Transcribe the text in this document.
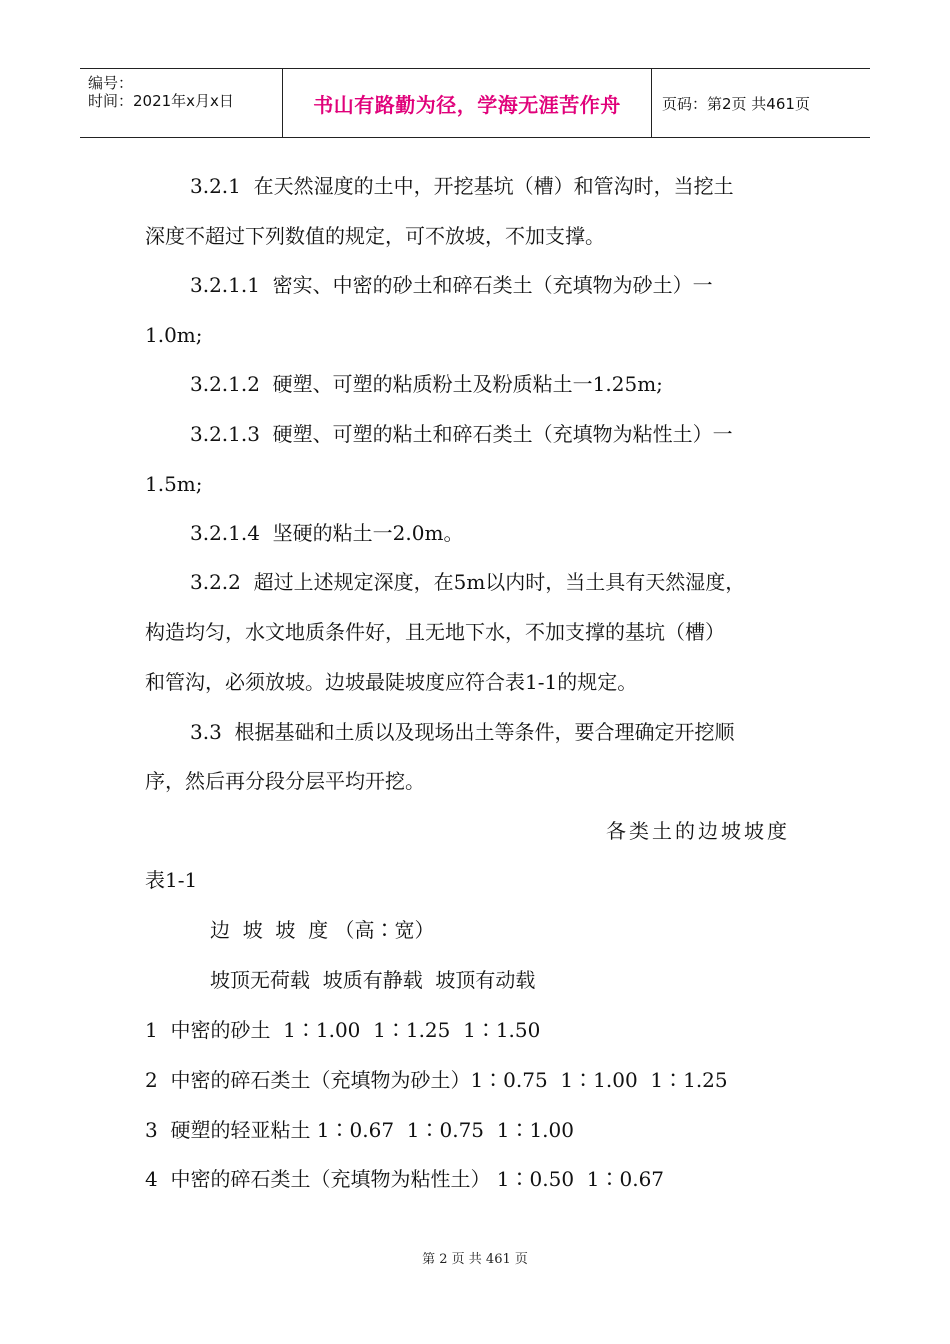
编号：
时间：2021年x月x日	书山有路勤为径，学海无涯苦作舟	页码：第2页 共461页
3.2.1  在天然湿度的土中，开挖基坑（槽）和管沟时，当挖土
深度不超过下列数值的规定，可不放坡，不加支撑。
3.2.1.1  密实、中密的砂土和碎石类土（充填物为砂土）一
1.0m;
3.2.1.2  硬塑、可塑的粘质粉土及粉质粘土一1.25m;
3.2.1.3  硬塑、可塑的粘土和碎石类土（充填物为粘性土）一
1.5m;
3.2.1.4  坚硬的粘土一2.0m。
3.2.2  超过上述规定深度，在5m以内时，当土具有天然湿度，
构造均匀，水文地质条件好，且无地下水，不加支撑的基坑（槽）
和管沟，必须放坡。边坡最陡坡度应符合表1-1的规定。
3.3  根据基础和土质以及现场出土等条件，要合理确定开挖顺
序，然后再分段分层平均开挖。
各类土的边坡坡度
表1-1
边  坡  坡  度 （高∶宽）
坡顶无荷载  坡质有静载  坡顶有动载
1  中密的砂土  1∶1.00  1∶1.25  1∶1.50
2  中密的碎石类土（充填物为砂土）1∶0.75  1∶1.00  1∶1.25
3  硬塑的轻亚粘土 1∶0.67  1∶0.75  1∶1.00
4  中密的碎石类土（充填物为粘性土） 1∶0.50  1∶0.67
第 2 页 共 461 页
